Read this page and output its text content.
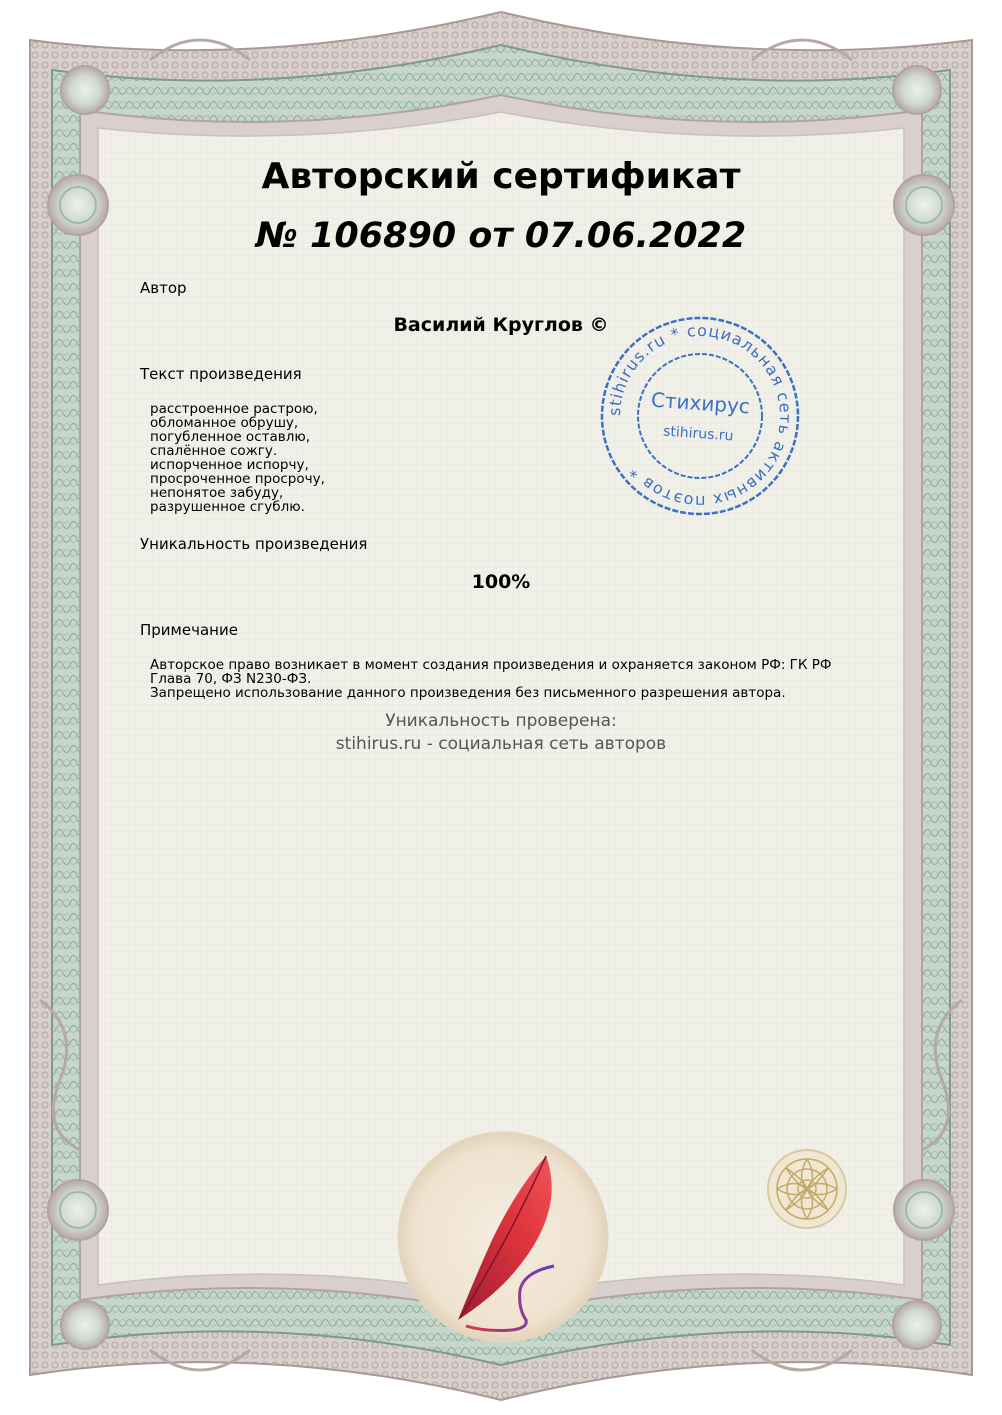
Авторский сертификат
№ 106890 от 07.06.2022
Автор
Василий Круглов ©
Текст произведения
расстроенное растрою,
обломанное обрушу,
погубленное оставлю,
спалённое сожгу.
испорченное испорчу,
просроченное просрочу,
непонятое забуду,
разрушенное сгублю.
Уникальность произведения
100%
Примечание
Авторское право возникает в момент создания произведения и охраняется законом РФ: ГК РФ Глава 70, ФЗ N230-ФЗ.
Запрещено использование данного произведения без письменного разрешения автора.
Уникальность проверена:
stihirus.ru - социальная сеть авторов
stihirus.ru * социальная сеть активных поэтов *
Стихирус
stihirus.ru
